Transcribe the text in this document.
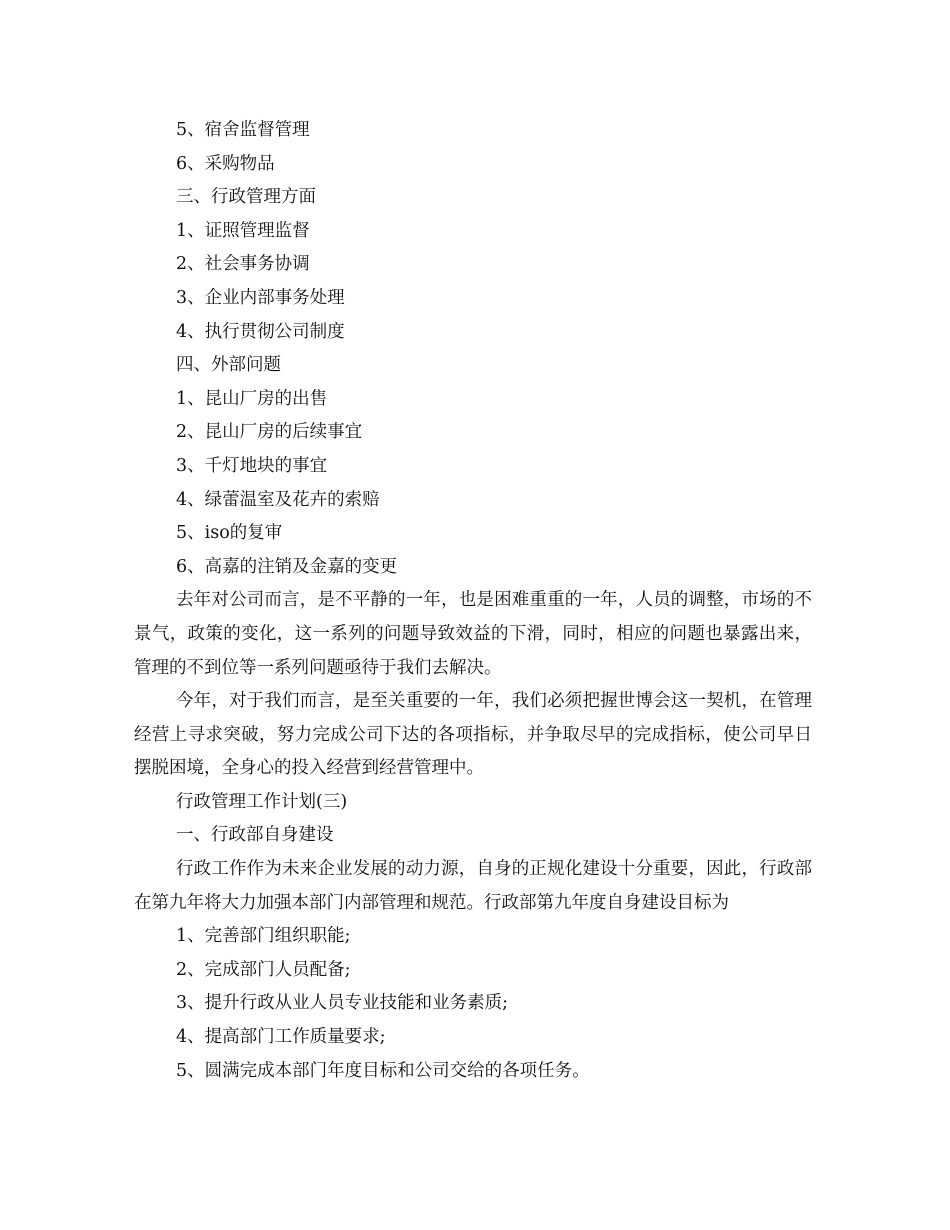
5、宿舍监督管理
6、采购物品
三、行政管理方面
1、证照管理监督
2、社会事务协调
3、企业内部事务处理
4、执行贯彻公司制度
四、外部问题
1、昆山厂房的出售
2、昆山厂房的后续事宜
3、千灯地块的事宜
4、绿蕾温室及花卉的索赔
5、iso的复审
6、高嘉的注销及金嘉的变更
去年对公司而言，是不平静的一年，也是困难重重的一年，人员的调整，市场的不景气，政策的变化，这一系列的问题导致效益的下滑，同时，相应的问题也暴露出来，管理的不到位等一系列问题亟待于我们去解决。
今年，对于我们而言，是至关重要的一年，我们必须把握世博会这一契机，在管理经营上寻求突破，努力完成公司下达的各项指标，并争取尽早的完成指标，使公司早日摆脱困境，全身心的投入经营到经营管理中。
行政管理工作计划(三)
一、行政部自身建设
行政工作作为未来企业发展的动力源，自身的正规化建设十分重要，因此，行政部在第九年将大力加强本部门内部管理和规范。行政部第九年度自身建设目标为
1、完善部门组织职能;
2、完成部门人员配备;
3、提升行政从业人员专业技能和业务素质;
4、提高部门工作质量要求;
5、圆满完成本部门年度目标和公司交给的各项任务。
